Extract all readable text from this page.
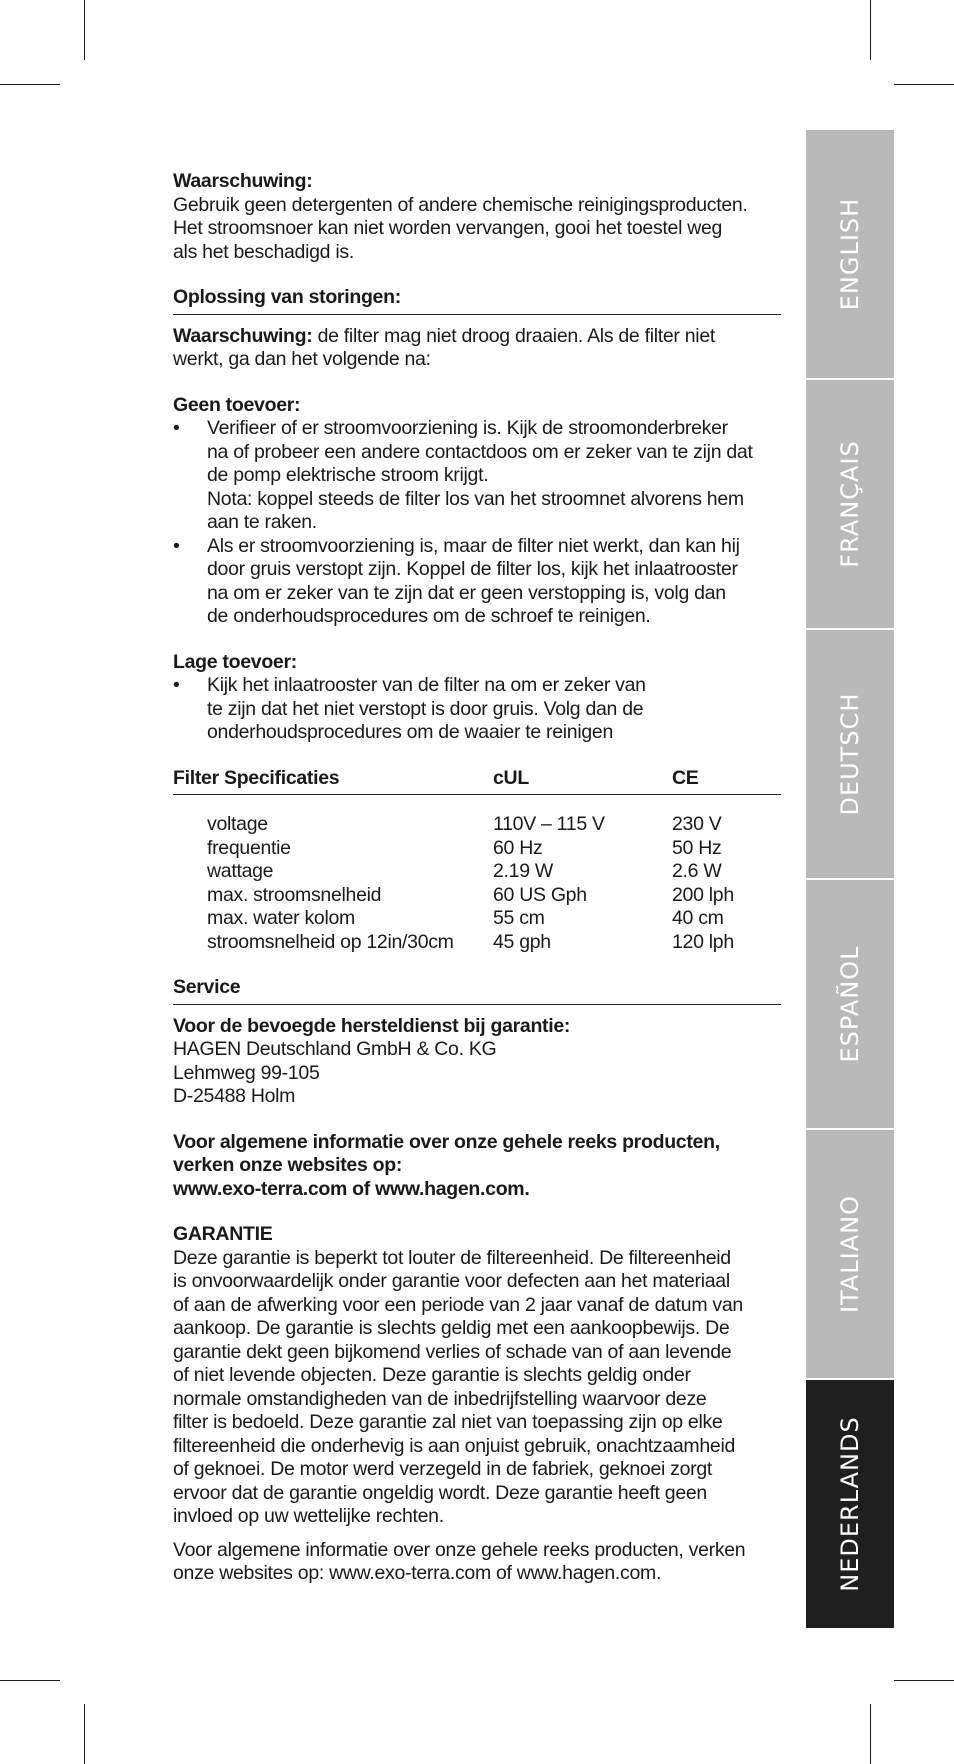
Waarschuwing:

Gebruik geen detergenten of andere chemische reinigingsproducten.
Het stroomsnoer kan niet worden vervangen, gooi het toestel weg
als het beschadigd is.
Oplossing van storingen:

Waarschuwing: de filter mag niet droog draaien. Als de filter niet
werkt, ga dan het volgende na:

Geen toevoer:

• Verifieer of er stroomvoorziening is. Kijk de stroomonderbreker
na of probeer een andere contactdoos om er zeker van te zijn dat
de pomp elektrische stroom krijgt.
Nota: koppel steeds de filter los van het stroomnet alvorens hem
aan te raken.
• Als er stroomvoorziening is, maar de filter niet werkt, dan kan hij
door gruis verstopt zijn. Koppel de filter los, kijk het inlaatrooster
na om er zeker van te zijn dat er geen verstopping is, volg dan
de onderhoudsprocedures om de schroef te reinigen.

Lage toevoer:

• Kijk het inlaatrooster van de filter na om er zeker van
te zijn dat het niet verstopt is door gruis. Volg dan de
onderhoudsprocedures om de waaier te reinigen
Filter Specificaties	cUL	CE
voltage	110V – 115 V	230 V
frequentie	60 Hz	50 Hz
wattage	2.19 W	2.6 W
max. stroomsnelheid	60 US Gph	200 lph
max. water kolom	55 cm	40 cm
stroomsnelheid op 12in/30cm	45 gph	120 lph
Service

Voor de bevoegde hersteldienst bij garantie:

HAGEN Deutschland GmbH & Co. KG
Lehmweg 99-105
D-25488 Holm
Voor algemene informatie over onze gehele reeks producten,
verken onze websites op:
www.exo-terra.com of www.hagen.com.

GARANTIE

Deze garantie is beperkt tot louter de filtereenheid. De filtereenheid
is onvoorwaardelijk onder garantie voor defecten aan het materiaal
of aan de afwerking voor een periode van 2 jaar vanaf de datum van
aankoop. De garantie is slechts geldig met een aankoopbewijs. De
garantie dekt geen bijkomend verlies of schade van of aan levende
of niet levende objecten. Deze garantie is slechts geldig onder
normale omstandigheden van de inbedrijfstelling waarvoor deze
filter is bedoeld. Deze garantie zal niet van toepassing zijn op elke
filtereenheid die onderhevig is aan onjuist gebruik, onachtzaamheid
of geknoei. De motor werd verzegeld in de fabriek, geknoei zorgt
ervoor dat de garantie ongeldig wordt. Deze garantie heeft geen
invloed op uw wettelijke rechten.
Voor algemene informatie over onze gehele reeks producten, verken
onze websites op: www.exo-terra.com of www.hagen.com.
ENGLISH
FRANÇAIS
DEUTSCH
ESPAÑOL
ITALIANO
NEDERLANDS
